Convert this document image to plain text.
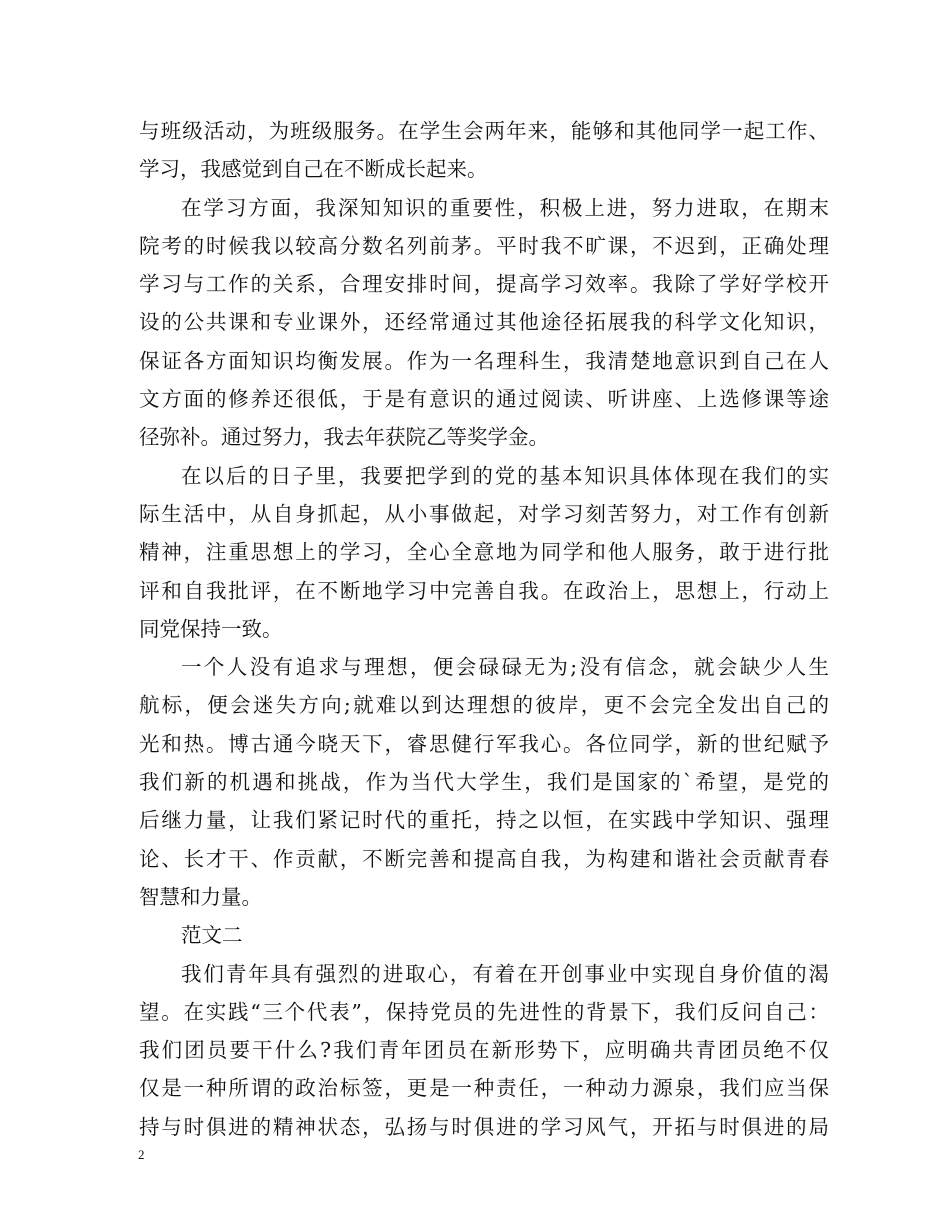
与班级活动，为班级服务。在学生会两年来，能够和其他同学一起工作、
学习，我感觉到自己在不断成长起来。
在学习方面，我深知知识的重要性，积极上进，努力进取，在期末
院考的时候我以较高分数名列前茅。平时我不旷课，不迟到，正确处理
学习与工作的关系，合理安排时间，提高学习效率。我除了学好学校开
设的公共课和专业课外，还经常通过其他途径拓展我的科学文化知识，
保证各方面知识均衡发展。作为一名理科生，我清楚地意识到自己在人
文方面的修养还很低，于是有意识的通过阅读、听讲座、上选修课等途
径弥补。通过努力，我去年获院乙等奖学金。
在以后的日子里，我要把学到的党的基本知识具体体现在我们的实
际生活中，从自身抓起，从小事做起，对学习刻苦努力，对工作有创新
精神，注重思想上的学习，全心全意地为同学和他人服务，敢于进行批
评和自我批评，在不断地学习中完善自我。在政治上，思想上，行动上
同党保持一致。
一个人没有追求与理想，便会碌碌无为;没有信念，就会缺少人生
航标，便会迷失方向;就难以到达理想的彼岸，更不会完全发出自己的
光和热。博古通今晓天下，睿思健行军我心。各位同学，新的世纪赋予
我们新的机遇和挑战，作为当代大学生，我们是国家的`希望，是党的
后继力量，让我们紧记时代的重托，持之以恒，在实践中学知识、强理
论、长才干、作贡献，不断完善和提高自我，为构建和谐社会贡献青春
智慧和力量。
范文二
我们青年具有强烈的进取心，有着在开创事业中实现自身价值的渴
望。在实践“三个代表”，保持党员的先进性的背景下，我们反问自己：
我们团员要干什么?我们青年团员在新形势下，应明确共青团员绝不仅
仅是一种所谓的政治标签，更是一种责任，一种动力源泉，我们应当保
持与时俱进的精神状态，弘扬与时俱进的学习风气，开拓与时俱进的局
2
